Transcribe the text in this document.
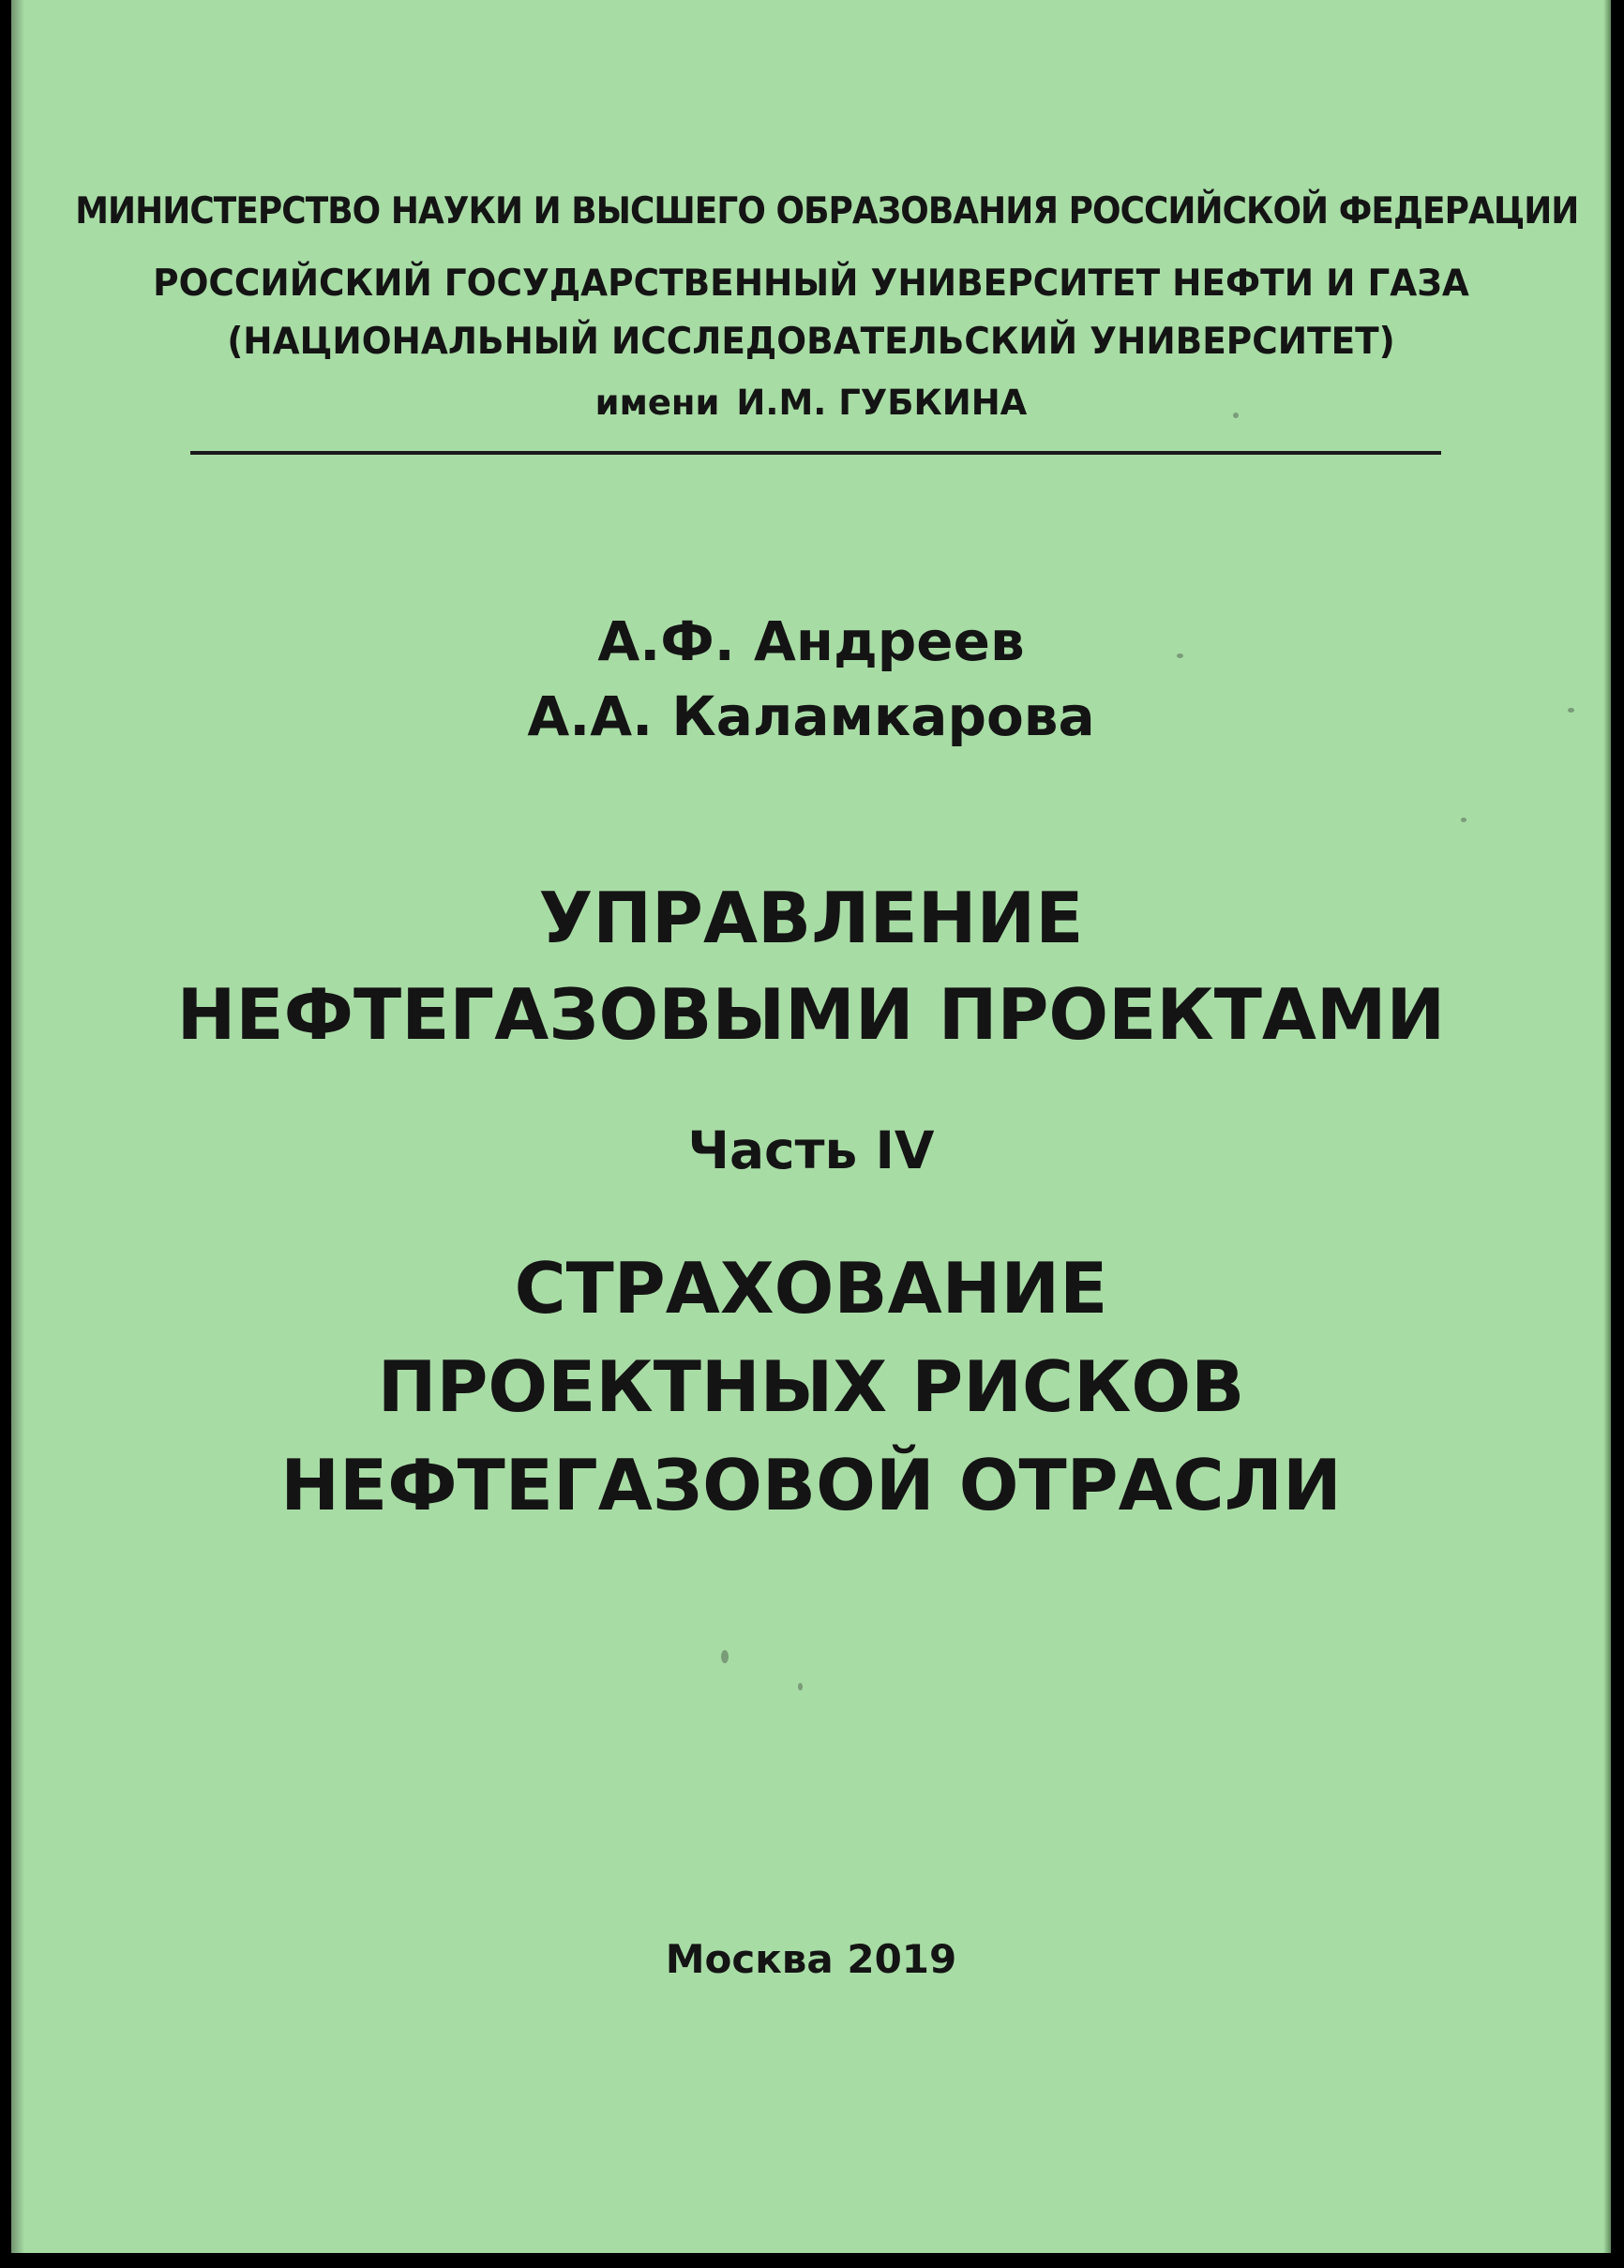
МИНИСТЕРСТВО НАУКИ И ВЫСШЕГО ОБРАЗОВАНИЯ РОССИЙСКОЙ ФЕДЕРАЦИИ
РОССИЙСКИЙ ГОСУДАРСТВЕННЫЙ УНИВЕРСИТЕТ НЕФТИ И ГАЗА
(НАЦИОНАЛЬНЫЙ ИССЛЕДОВАТЕЛЬСКИЙ УНИВЕРСИТЕТ)
имени И.М. ГУБКИНА
А.Ф. Андреев
А.А. Каламкарова
УПРАВЛЕНИЕ
НЕФТЕГАЗОВЫМИ ПРОЕКТАМИ
Часть IV
СТРАХОВАНИЕ
ПРОЕКТНЫХ РИСКОВ
НЕФТЕГАЗОВОЙ ОТРАСЛИ
Москва 2019
